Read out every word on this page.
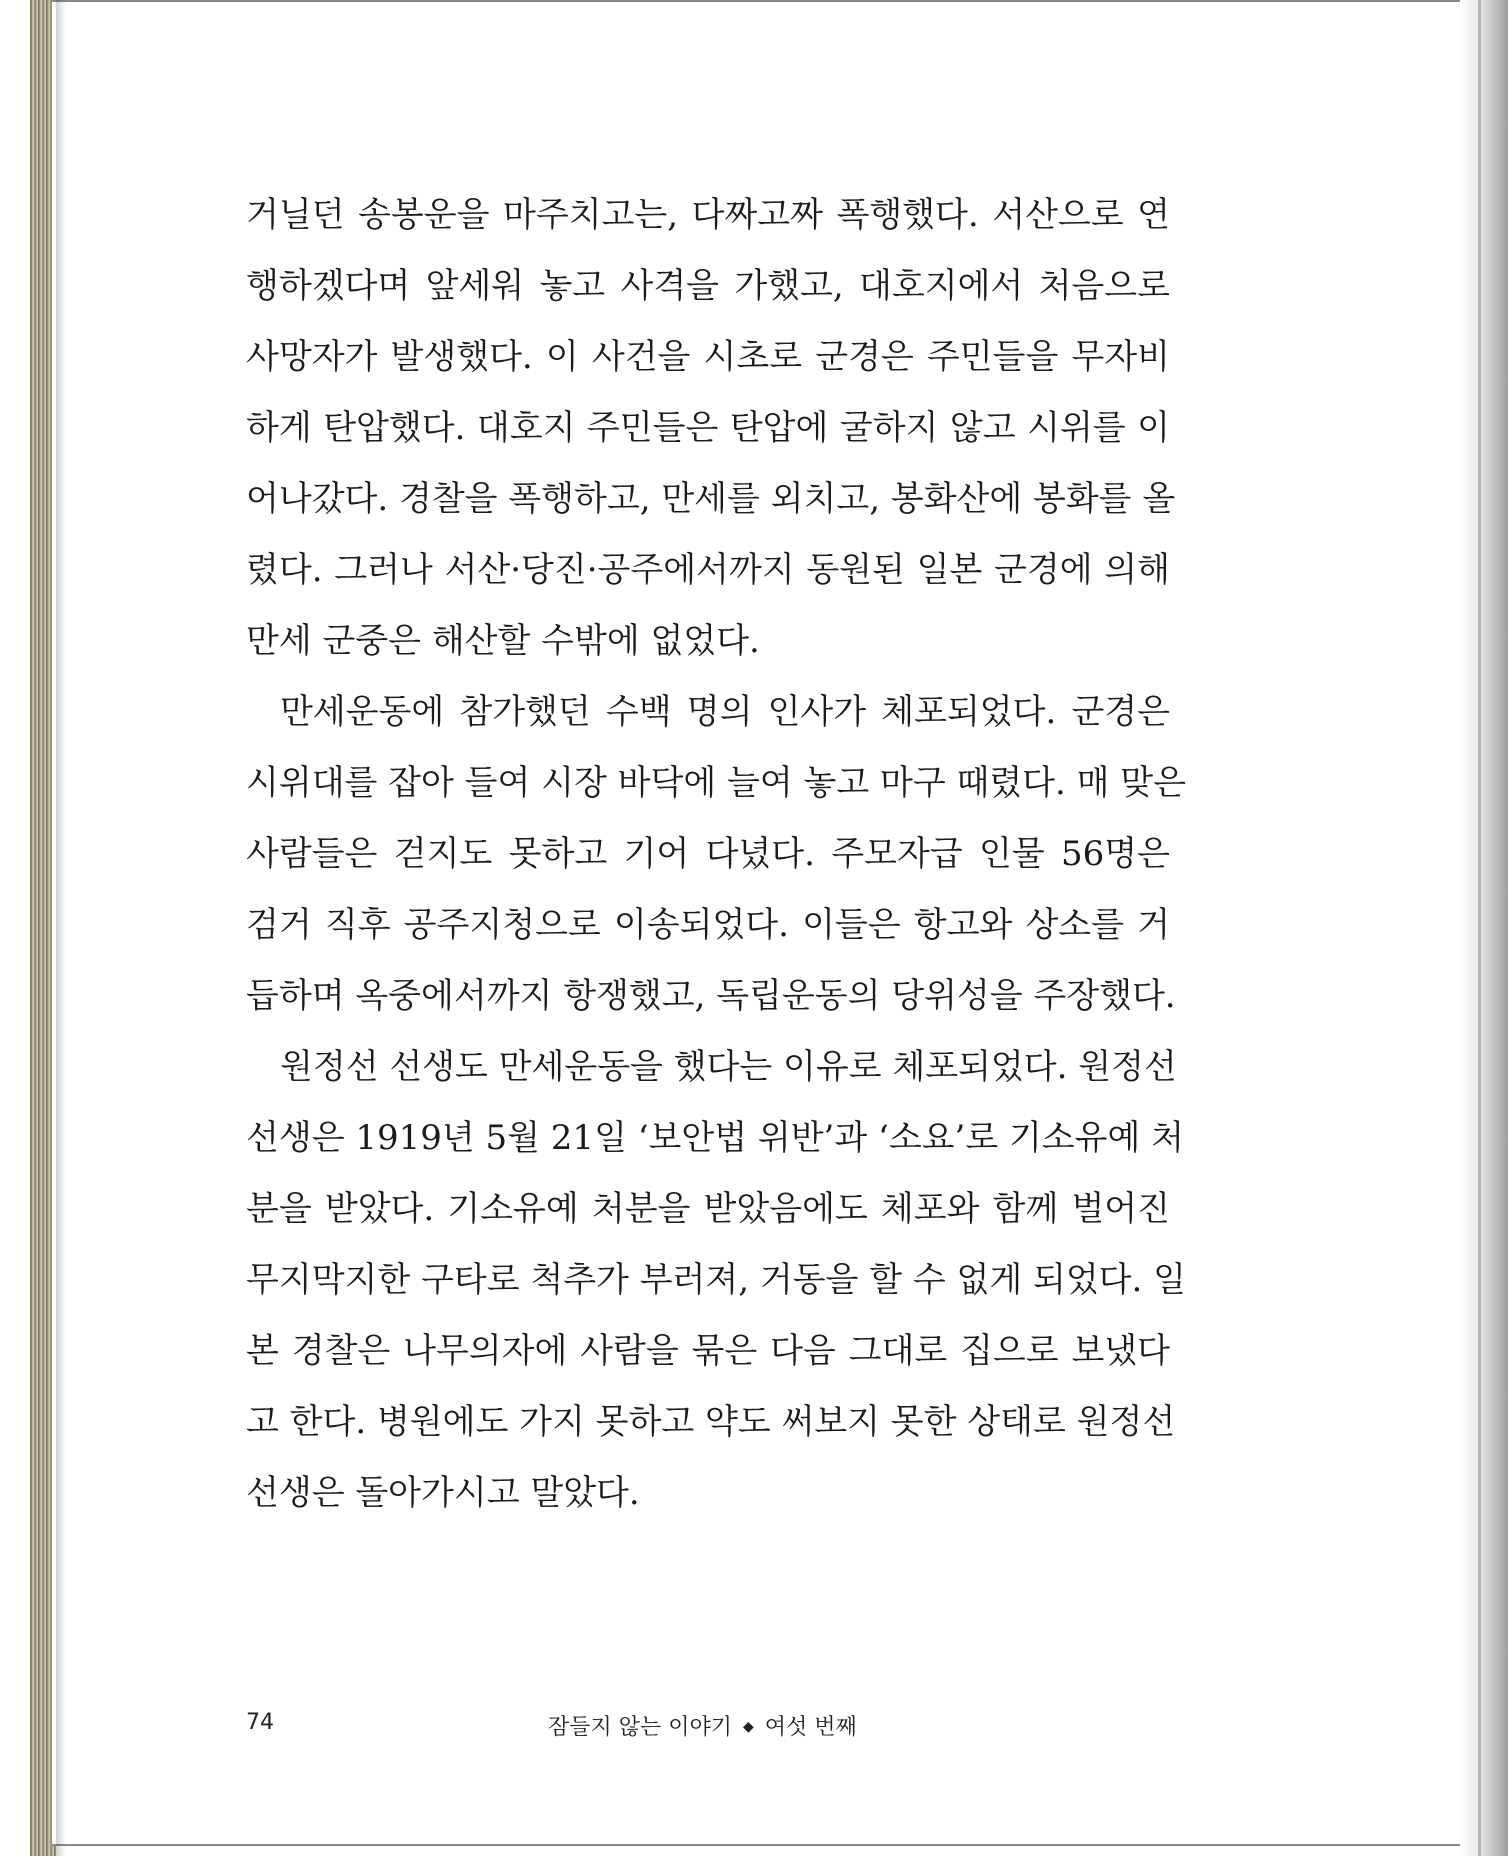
거닐던 송봉운을 마주치고는, 다짜고짜 폭행했다. 서산으로 연
행하겠다며 앞세워 놓고 사격을 가했고, 대호지에서 처음으로
사망자가 발생했다. 이 사건을 시초로 군경은 주민들을 무자비
하게 탄압했다. 대호지 주민들은 탄압에 굴하지 않고 시위를 이
어나갔다. 경찰을 폭행하고, 만세를 외치고, 봉화산에 봉화를 올
렸다. 그러나 서산·당진·공주에서까지 동원된 일본 군경에 의해
만세 군중은 해산할 수밖에 없었다.
만세운동에 참가했던 수백 명의 인사가 체포되었다. 군경은
시위대를 잡아 들여 시장 바닥에 늘여 놓고 마구 때렸다. 매 맞은
사람들은 걷지도 못하고 기어 다녔다. 주모자급 인물 56명은
검거 직후 공주지청으로 이송되었다. 이들은 항고와 상소를 거
듭하며 옥중에서까지 항쟁했고, 독립운동의 당위성을 주장했다.
원정선 선생도 만세운동을 했다는 이유로 체포되었다. 원정선
선생은 1919년 5월 21일 ‘보안법 위반’과 ‘소요’로 기소유예 처
분을 받았다. 기소유예 처분을 받았음에도 체포와 함께 벌어진
무지막지한 구타로 척추가 부러져, 거동을 할 수 없게 되었다. 일
본 경찰은 나무의자에 사람을 묶은 다음 그대로 집으로 보냈다
고 한다. 병원에도 가지 못하고 약도 써보지 못한 상태로 원정선
선생은 돌아가시고 말았다.
74	잠들지 않는 이야기 ◆ 여섯 번째
